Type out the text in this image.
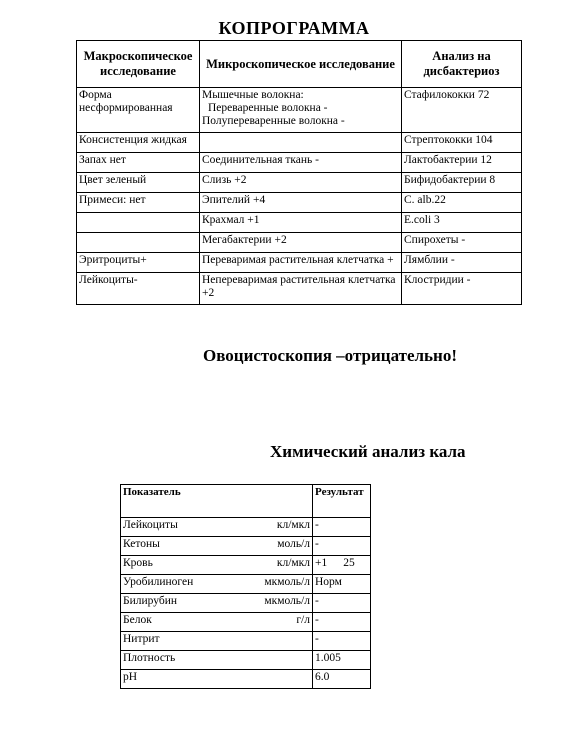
КОПРОГРАММА
Макроскопическое исследование	Микроскопическое исследование	Анализ на дисбактериоз
Форма несформированная	Мышечные волокна:
Переваренные волокна -
Полупереваренные волокна -	Стафилококки 72
Консистенция жидкая		Стрептококки 104
Запах нет	Соединительная ткань -	Лактобактерии 12
Цвет зеленый	Слизь +2	Бифидобактерии 8
Примеси: нет	Эпителий +4	С. alb.22
	Крахмал +1	E.coli 3
	Мегабактерии +2	Спирохеты -
Эритроциты+	Переваримая растительная клетчатка +	Лямблии -
Лейкоциты-	Непереваримая растительная клетчатка
+2	Клостридии -
Овоцистоскопия –отрицательно!
Химический анализ кала
Показатель	Результат

Лейкоциты кл/мкл	-

Кетоны моль/л	-

Кровь кл/мкл	+1 25

Уробилиноген мкмоль/л	Норм

Билирубин мкмоль/л	-

Белок г/л	-

Нитрит	-

Плотность	1.005

pH	6.0
